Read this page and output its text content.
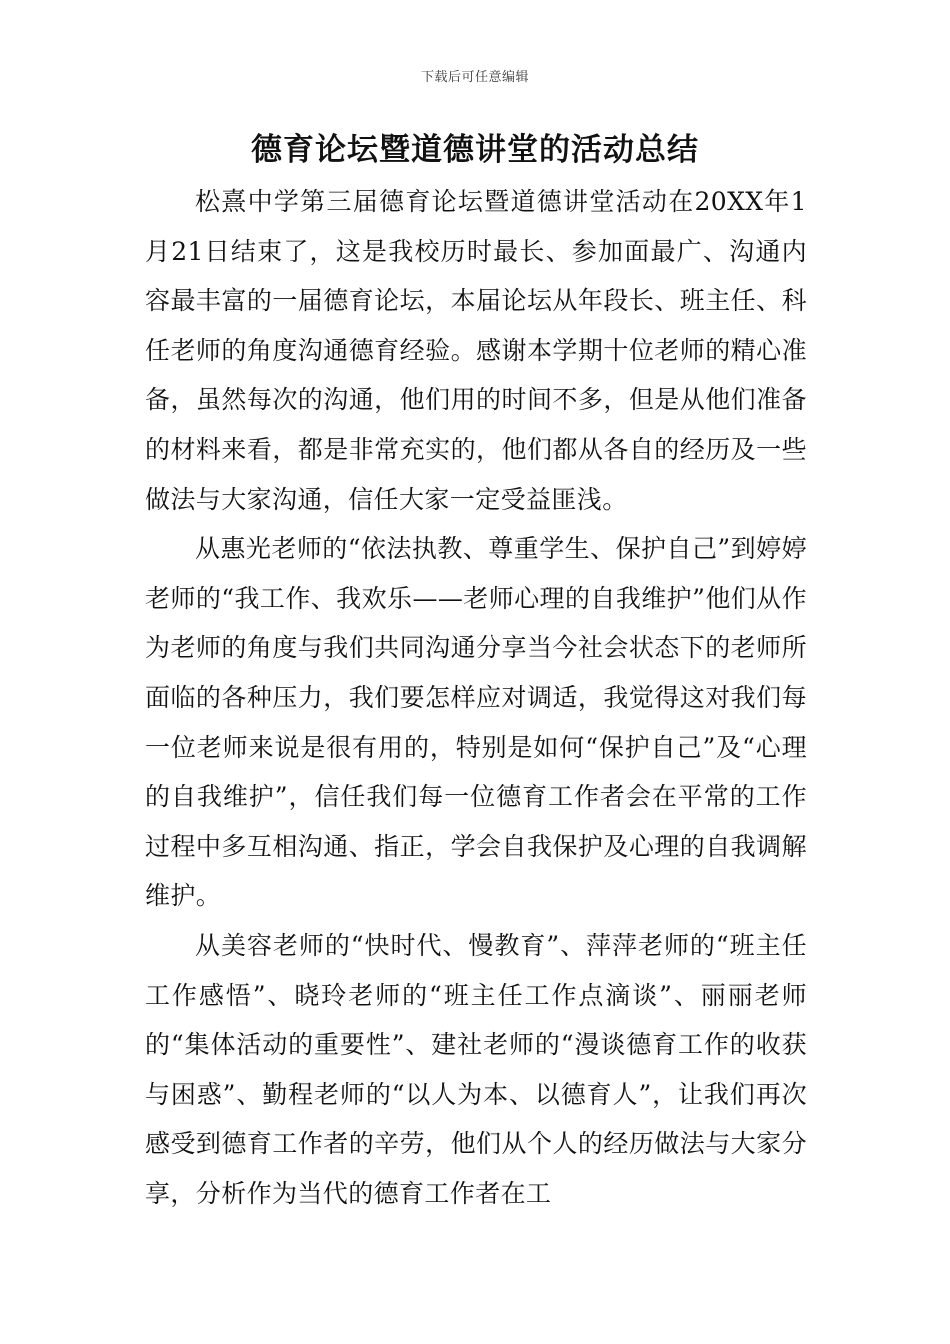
下载后可任意编辑
德育论坛暨道德讲堂的活动总结

松熹中学第三届德育论坛暨道德讲堂活动在20XX年1月21日结束了，这是我校历时最长、参加面最广、沟通内容最丰富的一届德育论坛，本届论坛从年段长、班主任、科任老师的角度沟通德育经验。感谢本学期十位老师的精心准备，虽然每次的沟通，他们用的时间不多，但是从他们准备的材料来看，都是非常充实的，他们都从各自的经历及一些做法与大家沟通，信任大家一定受益匪浅。

从惠光老师的“依法执教、尊重学生、保护自己”到婷婷老师的“我工作、我欢乐——老师心理的自我维护”他们从作为老师的角度与我们共同沟通分享当今社会状态下的老师所面临的各种压力，我们要怎样应对调适，我觉得这对我们每一位老师来说是很有用的，特别是如何“保护自己”及“心理的自我维护”，信任我们每一位德育工作者会在平常的工作过程中多互相沟通、指正，学会自我保护及心理的自我调解维护。

从美容老师的“快时代、慢教育”、萍萍老师的“班主任工作感悟”、晓玲老师的“班主任工作点滴谈”、丽丽老师的“集体活动的重要性”、建社老师的“漫谈德育工作的收获与困惑”、勤程老师的“以人为本、以德育人”，让我们再次感受到德育工作者的辛劳，他们从个人的经历做法与大家分享，分析作为当代的德育工作者在工
